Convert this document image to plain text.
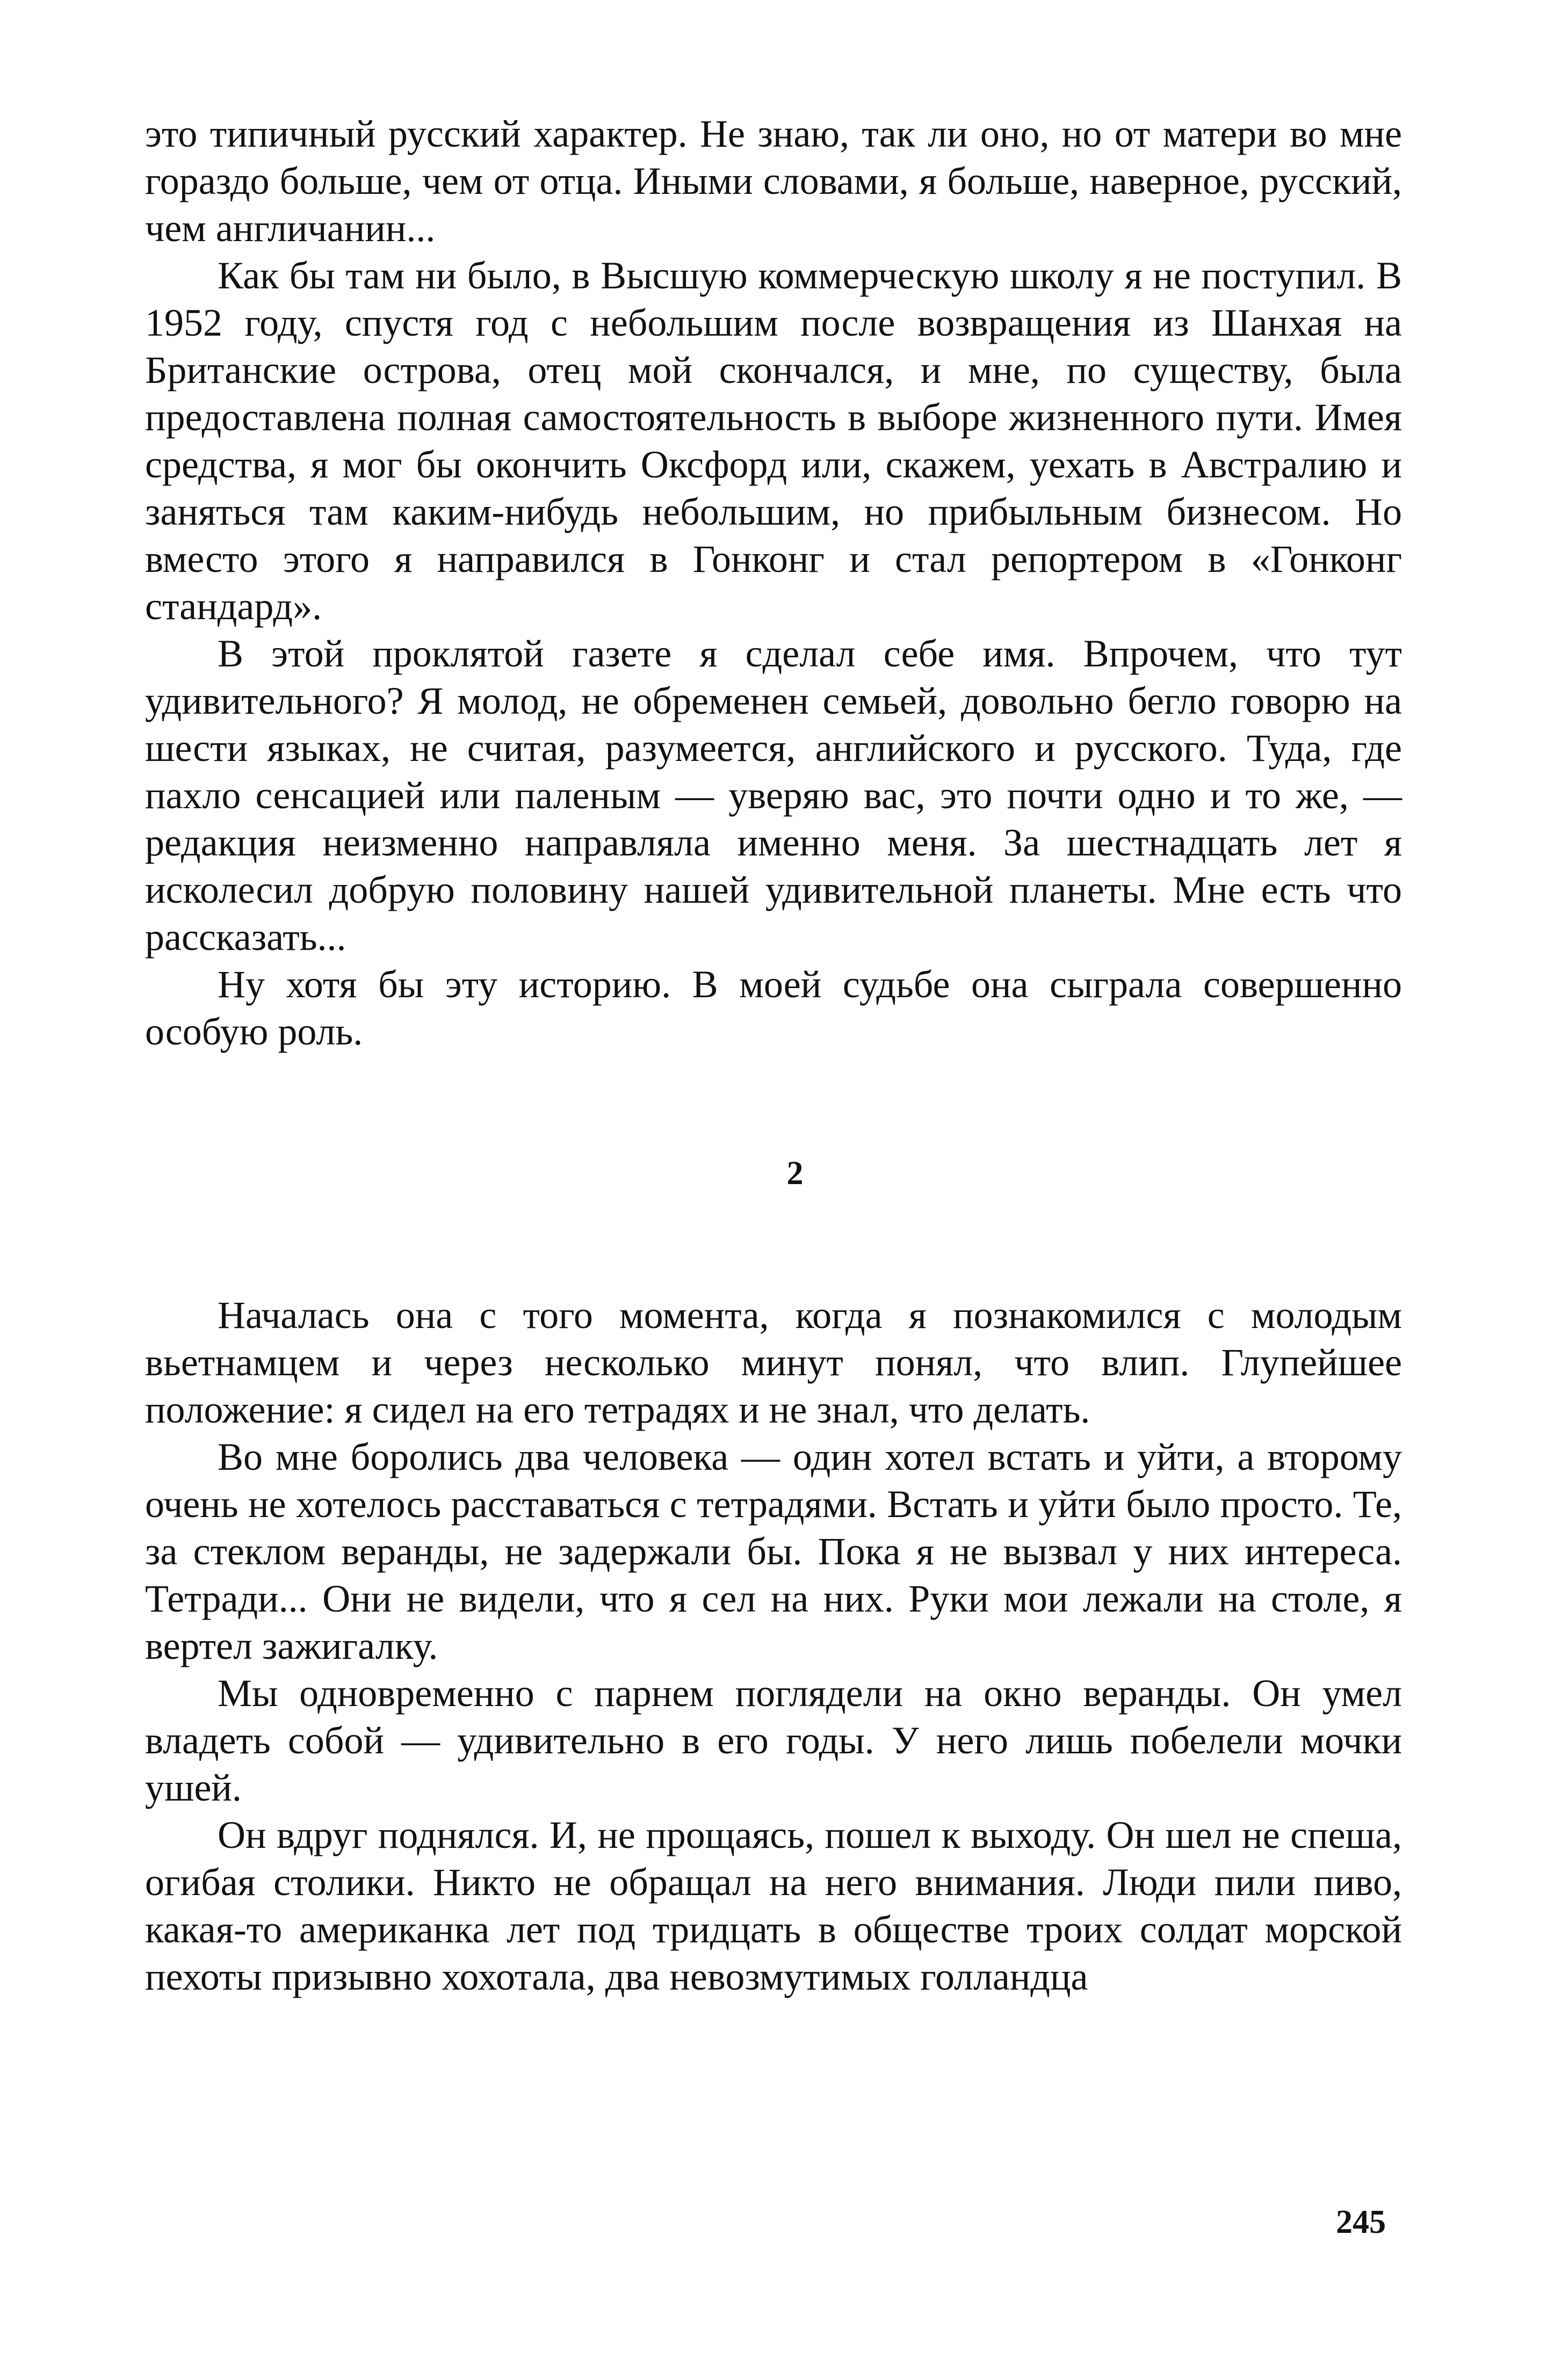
это типичный русский характер. Не знаю, так ли оно, но от матери во мне гораздо больше, чем от отца. Иными словами, я больше, наверное, русский, чем англичанин...

Как бы там ни было, в Высшую коммерческую школу я не поступил. В 1952 году, спустя год с небольшим после возвращения из Шанхая на Британские острова, отец мой скончался, и мне, по существу, была предоставлена полная самостоятельность в выборе жизненного пути. Имея средства, я мог бы окончить Оксфорд или, скажем, уехать в Австралию и заняться там каким-нибудь небольшим, но прибыльным бизнесом. Но вместо этого я направился в Гонконг и стал репортером в «Гонконг стандард».

В этой проклятой газете я сделал себе имя. Впрочем, что тут удивительного? Я молод, не обременен семьей, довольно бегло говорю на шести языках, не считая, разумеется, английского и русского. Туда, где пахло сенсацией или паленым — уверяю вас, это почти одно и то же, — редакция неизменно направляла именно меня. За шестнадцать лет я исколесил добрую половину нашей удивительной планеты. Мне есть что рассказать...

Ну хотя бы эту историю. В моей судьбе она сыграла совершенно особую роль.

2

Началась она с того момента, когда я познакомился с молодым вьетнамцем и через несколько минут понял, что влип. Глупейшее положение: я сидел на его тетрадях и не знал, что делать.

Во мне боролись два человека — один хотел встать и уйти, а второму очень не хотелось расставаться с тетрадями. Встать и уйти было просто. Те, за стеклом веранды, не задержали бы. Пока я не вызвал у них интереса. Тетради... Они не видели, что я сел на них. Руки мои лежали на столе, я вертел зажигалку.

Мы одновременно с парнем поглядели на окно веранды. Он умел владеть собой — удивительно в его годы. У него лишь побелели мочки ушей.

Он вдруг поднялся. И, не прощаясь, пошел к выходу. Он шел не спеша, огибая столики. Никто не обращал на него внимания. Люди пили пиво, какая-то американка лет под тридцать в обществе троих солдат морской пехоты призывно хохотала, два невозмутимых голландца

245
